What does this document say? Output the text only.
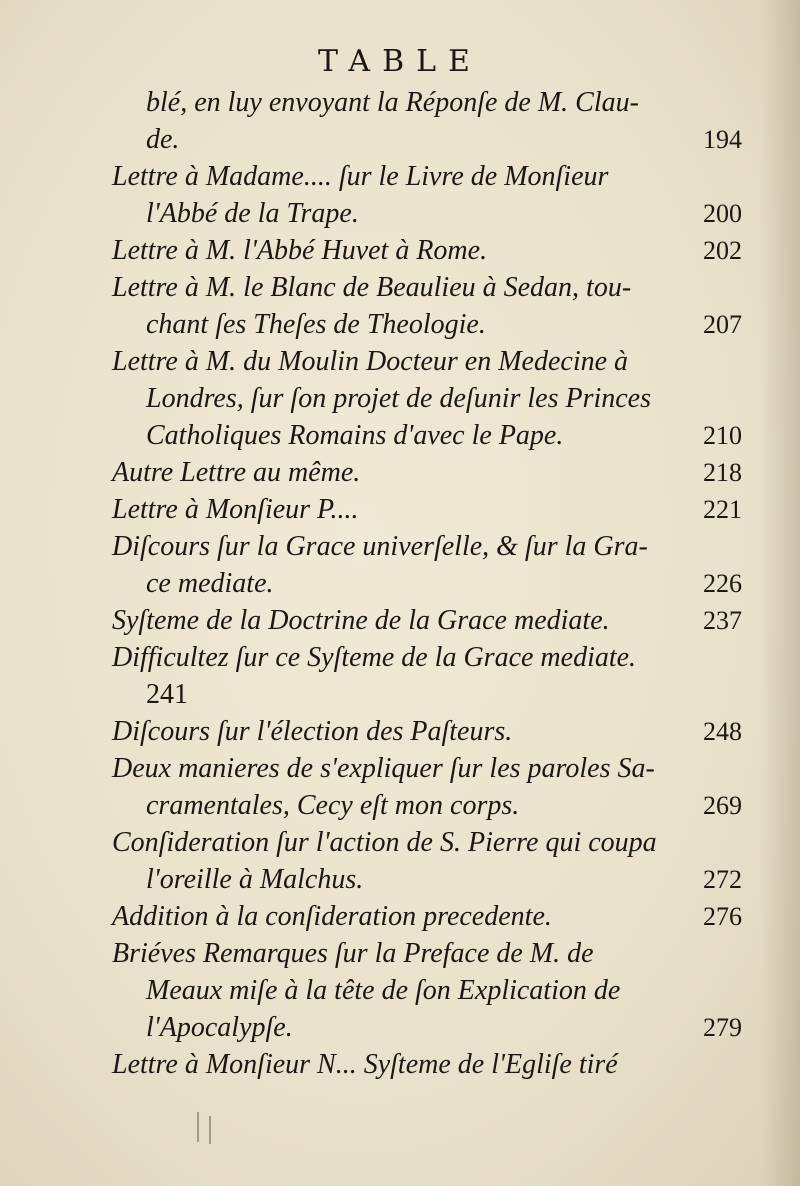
TABLE
blé, en luy envoyant la Réponſe de M. Clau-
de.	194
Lettre à Madame.... ſur le Livre de Monſieur
l'Abbé de la Trape.	200
Lettre à M. l'Abbé Huvet à Rome.	202
Lettre à M. le Blanc de Beaulieu à Sedan, tou-
chant ſes Theſes de Theologie.	207
Lettre à M. du Moulin Docteur en Medecine à
Londres, ſur ſon projet de deſunir les Princes
Catholiques Romains d'avec le Pape.	210
Autre Lettre au même.	218
Lettre à Monſieur P....	221
Diſcours ſur la Grace univerſelle, & ſur la Gra-
ce mediate.	226
Syſteme de la Doctrine de la Grace mediate.	237
Difficultez ſur ce Syſteme de la Grace mediate.
241
Diſcours ſur l'élection des Paſteurs.	248
Deux manieres de s'expliquer ſur les paroles Sa-
cramentales, Cecy eſt mon corps.	269
Conſideration ſur l'action de S. Pierre qui coupa
l'oreille à Malchus.	272
Addition à la conſideration precedente.	276
Briéves Remarques ſur la Preface de M. de
Meaux miſe à la tête de ſon Explication de
l'Apocalypſe.	279
Lettre à Monſieur N... Syſteme de l'Egliſe tiré
